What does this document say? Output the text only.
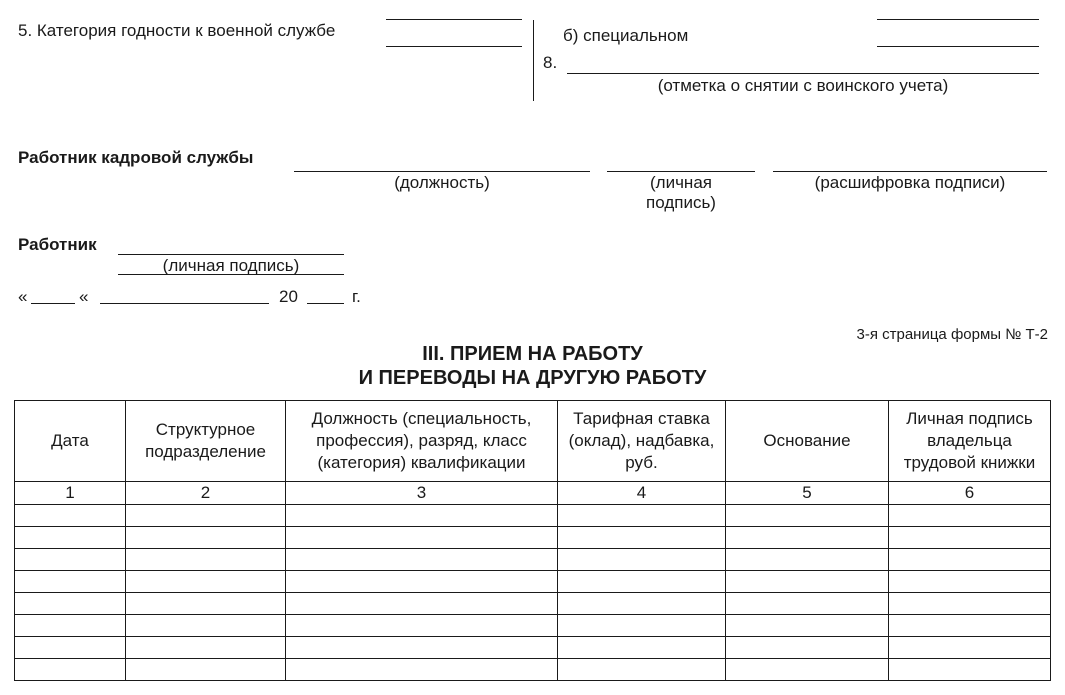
5. Категория годности к военной службе	б) специальном
8.
(отметка о снятии с воинского учета)
Работник кадровой службы
(должность)	(личная
подпись)
(расшифровка подписи)
Работник
(личная подпись)
«	«	20	г.
3-я страница формы № Т-2
III. ПРИЕМ НА РАБОТУ
И ПЕРЕВОДЫ НА ДРУГУЮ РАБОТУ
Дата	Структурное подразделение	Должность (специальность, профессия), разряд, класс (категория) квалификации	Тарифная ставка (оклад), надбавка, руб.	Основание	Личная подпись владельца трудовой книжки
1	2	3	4	5	6
